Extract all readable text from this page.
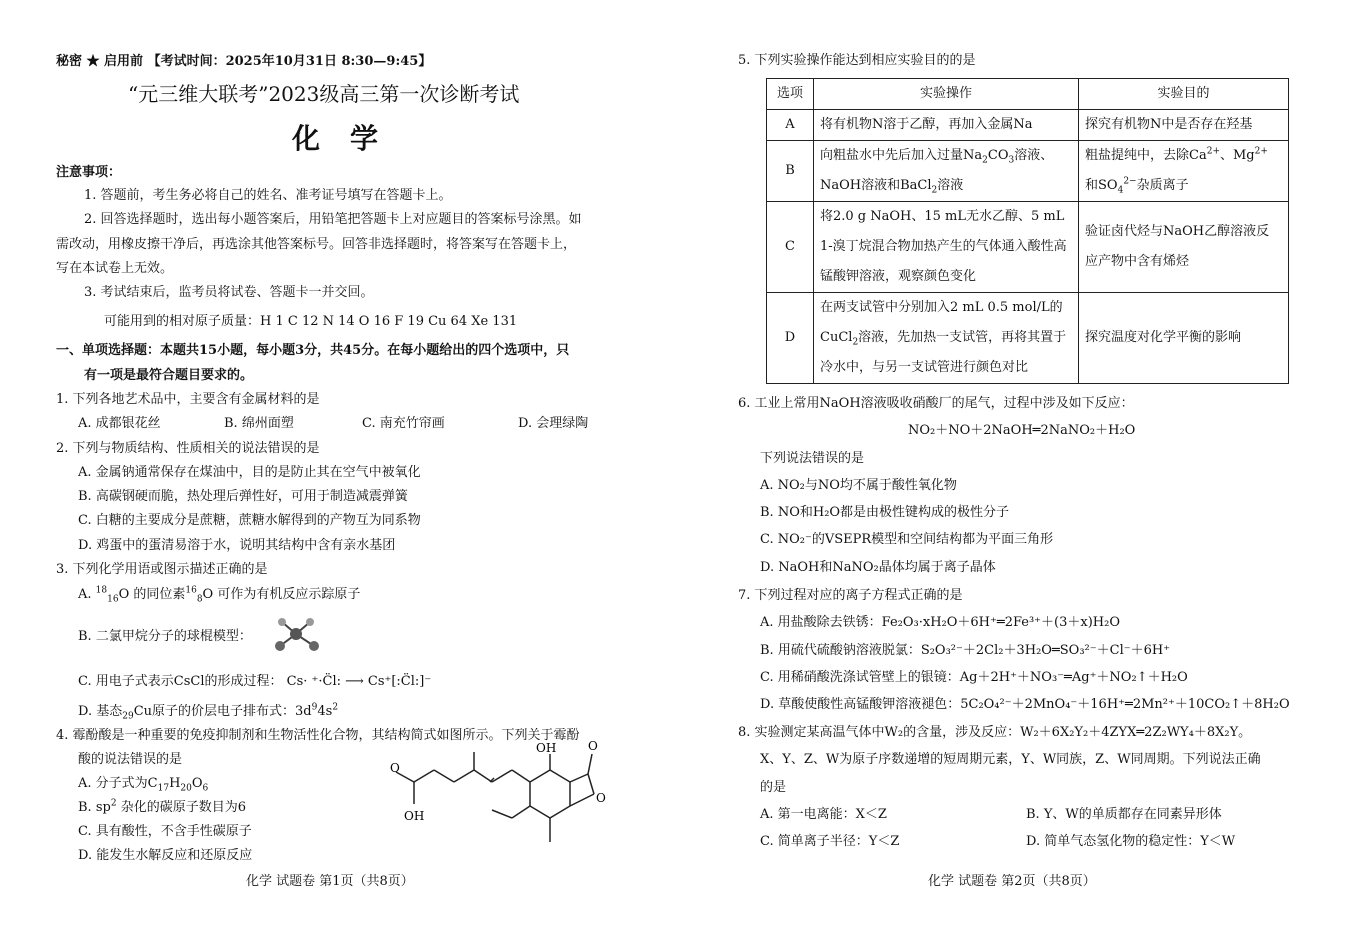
秘密 ★ 启用前 【考试时间：2025年10月31日 8:30—9:45】
“元三维大联考”2023级高三第一次诊断考试
化学
注意事项：
1. 答题前，考生务必将自己的姓名、准考证号填写在答题卡上。
2. 回答选择题时，选出每小题答案后，用铅笔把答题卡上对应题目的答案标号涂黑。如
需改动，用橡皮擦干净后，再选涂其他答案标号。回答非选择题时，将答案写在答题卡上，
写在本试卷上无效。
3. 考试结束后，监考员将试卷、答题卡一并交回。
可能用到的相对原子质量：H 1 C 12 N 14 O 16 F 19 Cu 64 Xe 131
一、单项选择题：本题共15小题，每小题3分，共45分。在每小题给出的四个选项中，只
有一项是最符合题目要求的。
1. 下列各地艺术品中，主要含有金属材料的是
A. 成都银花丝	B. 绵州面塑	C. 南充竹帘画	D. 会理绿陶
2. 下列与物质结构、性质相关的说法错误的是
A. 金属钠通常保存在煤油中，目的是防止其在空气中被氧化
B. 高碳钢硬而脆，热处理后弹性好，可用于制造减震弹簧
C. 白糖的主要成分是蔗糖，蔗糖水解得到的产物互为同系物
D. 鸡蛋中的蛋清易溶于水，说明其结构中含有亲水基团
3. 下列化学用语或图示描述正确的是
A. $^{18}_{16}$O 的同位素$^{16}_8$O 可作为有机反应示踪原子
B. 二氯甲烷分子的球棍模型：
C. 用电子式表示CsCl的形成过程： Cs· ⁺·C̈l: ⟶ Cs⁺[:C̈l:]⁻
D. 基态$_{29}$Cu原子的价层电子排布式：$3d^94s^2$
4. 霉酚酸是一种重要的免疫抑制剂和生物活性化合物，其结构简式如图所示。下列关于霉酚
酸的说法错误的是
A. 分子式为$C_{17}H_{20}O_6$
B. $sp^2$ 杂化的碳原子数目为6
C. 具有酸性，不含手性碳原子
D. 能发生水解反应和还原反应
OH	O
O
OH
O
化学 试题卷 第1页（共8页）
5. 下列实验操作能达到相应实验目的的是
选项	实验操作	实验目的
A	将有机物N溶于乙醇，再加入金属Na	探究有机物N中是否存在羟基
B	向粗盐水中先后加入过量$Na_2CO_3$溶液、
NaOH溶液和BaCl$_2$溶液	粗盐提纯中，去除$Ca^{2+}$、$Mg^{2+}$
和$SO_4^{2-}$杂质离子
C	将2.0 g NaOH、15 mL无水乙醇、5 mL 1-溴丁烷混合物加热产生的气体通入酸性高锰酸钾溶液，观察颜色变化	验证卤代烃与NaOH乙醇溶液反应产物中含有烯烃
D	在两支试管中分别加入2 mL 0.5 mol/L的 CuCl$_2$溶液，先加热一支试管，再将其置于冷水中，与另一支试管进行颜色对比	探究温度对化学平衡的影响
6. 工业上常用NaOH溶液吸收硝酸厂的尾气，过程中涉及如下反应：
NO₂＋NO＋2NaOH═2NaNO₂＋H₂O
下列说法错误的是
A. NO₂与NO均不属于酸性氧化物
B. NO和H₂O都是由极性键构成的极性分子
C. NO₂⁻的VSEPR模型和空间结构都为平面三角形
D. NaOH和NaNO₂晶体均属于离子晶体
7. 下列过程对应的离子方程式正确的是
A. 用盐酸除去铁锈：Fe₂O₃·xH₂O＋6H⁺═2Fe³⁺＋(3＋x)H₂O
B. 用硫代硫酸钠溶液脱氯：S₂O₃²⁻＋2Cl₂＋3H₂O═SO₃²⁻＋Cl⁻＋6H⁺
C. 用稀硝酸洗涤试管壁上的银镜：Ag＋2H⁺＋NO₃⁻═Ag⁺＋NO₂↑＋H₂O
D. 草酸使酸性高锰酸钾溶液褪色：5C₂O₄²⁻＋2MnO₄⁻＋16H⁺═2Mn²⁺＋10CO₂↑＋8H₂O
8. 实验测定某高温气体中W₂的含量，涉及反应：W₂＋6X₂Y₂＋4ZYX═2Z₂WY₄＋8X₂Y。
X、Y、Z、W为原子序数递增的短周期元素，Y、W同族，Z、W同周期。下列说法正确
的是
A. 第一电离能：X＜Z	B. Y、W的单质都存在同素异形体
C. 简单离子半径：Y＜Z	D. 简单气态氢化物的稳定性：Y＜W
化学 试题卷 第2页（共8页）
